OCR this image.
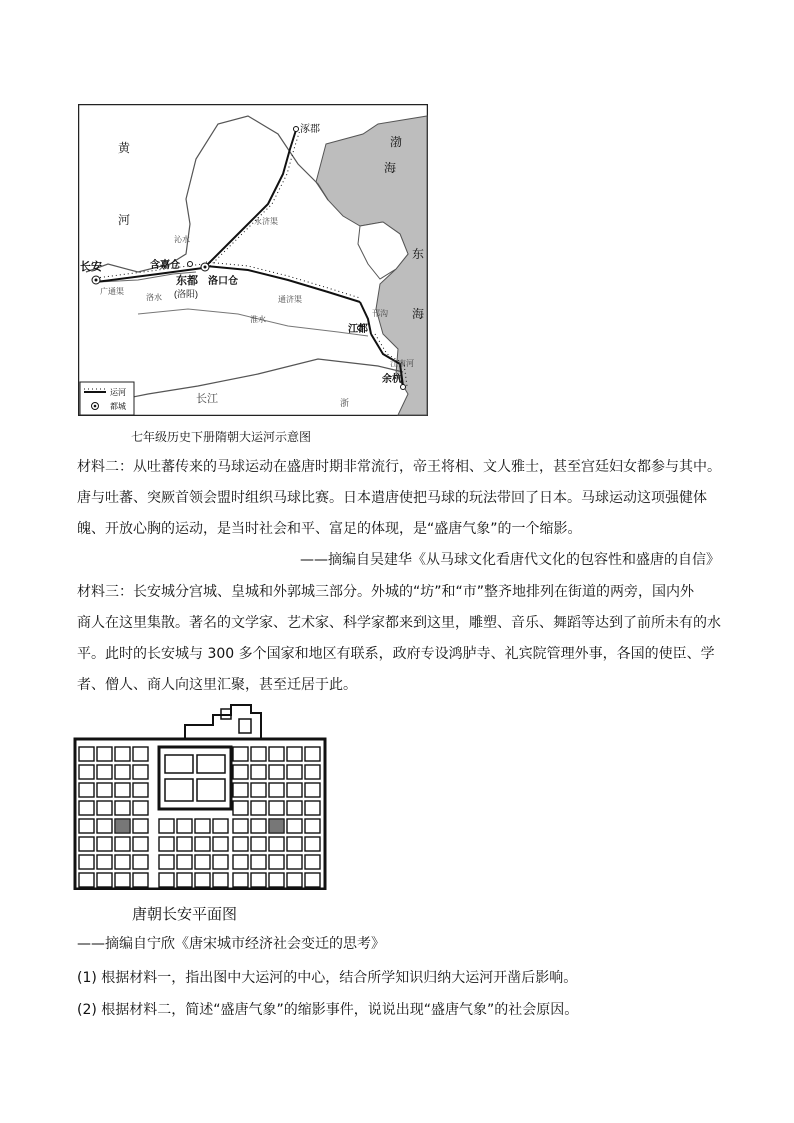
涿郡
黄
河
渤
海
东
海
长安	含嘉仓
东都
(洛阳)
洛口仓
江都
余杭
永济渠
通济渠
邗沟
江南河
广通渠
洛水
淮水
沁水
长江	浙
运河
都城
七年级历史下册隋朝大运河示意图
材料二：从吐蕃传来的马球运动在盛唐时期非常流行，帝王将相、文人雅士，甚至宫廷妇女都参与其中。
唐与吐蕃、突厥首领会盟时组织马球比赛。日本遣唐使把马球的玩法带回了日本。马球运动这项强健体
魄、开放心胸的运动，是当时社会和平、富足的体现，是“盛唐气象”的一个缩影。
——摘编自吴建华《从马球文化看唐代文化的包容性和盛唐的自信》
材料三：长安城分宫城、皇城和外郭城三部分。外城的“坊”和“市”整齐地排列在街道的两旁，国内外
商人在这里集散。著名的文学家、艺术家、科学家都来到这里，雕塑、音乐、舞蹈等达到了前所未有的水
平。此时的长安城与 300 多个国家和地区有联系，政府专设鸿胪寺、礼宾院管理外事，各国的使臣、学
者、僧人、商人向这里汇聚，甚至迁居于此。
唐朝长安平面图
——摘编自宁欣《唐宋城市经济社会变迁的思考》
(1) 根据材料一，指出图中大运河的中心，结合所学知识归纳大运河开凿后影响。
(2) 根据材料二，简述“盛唐气象”的缩影事件，说说出现“盛唐气象”的社会原因。
